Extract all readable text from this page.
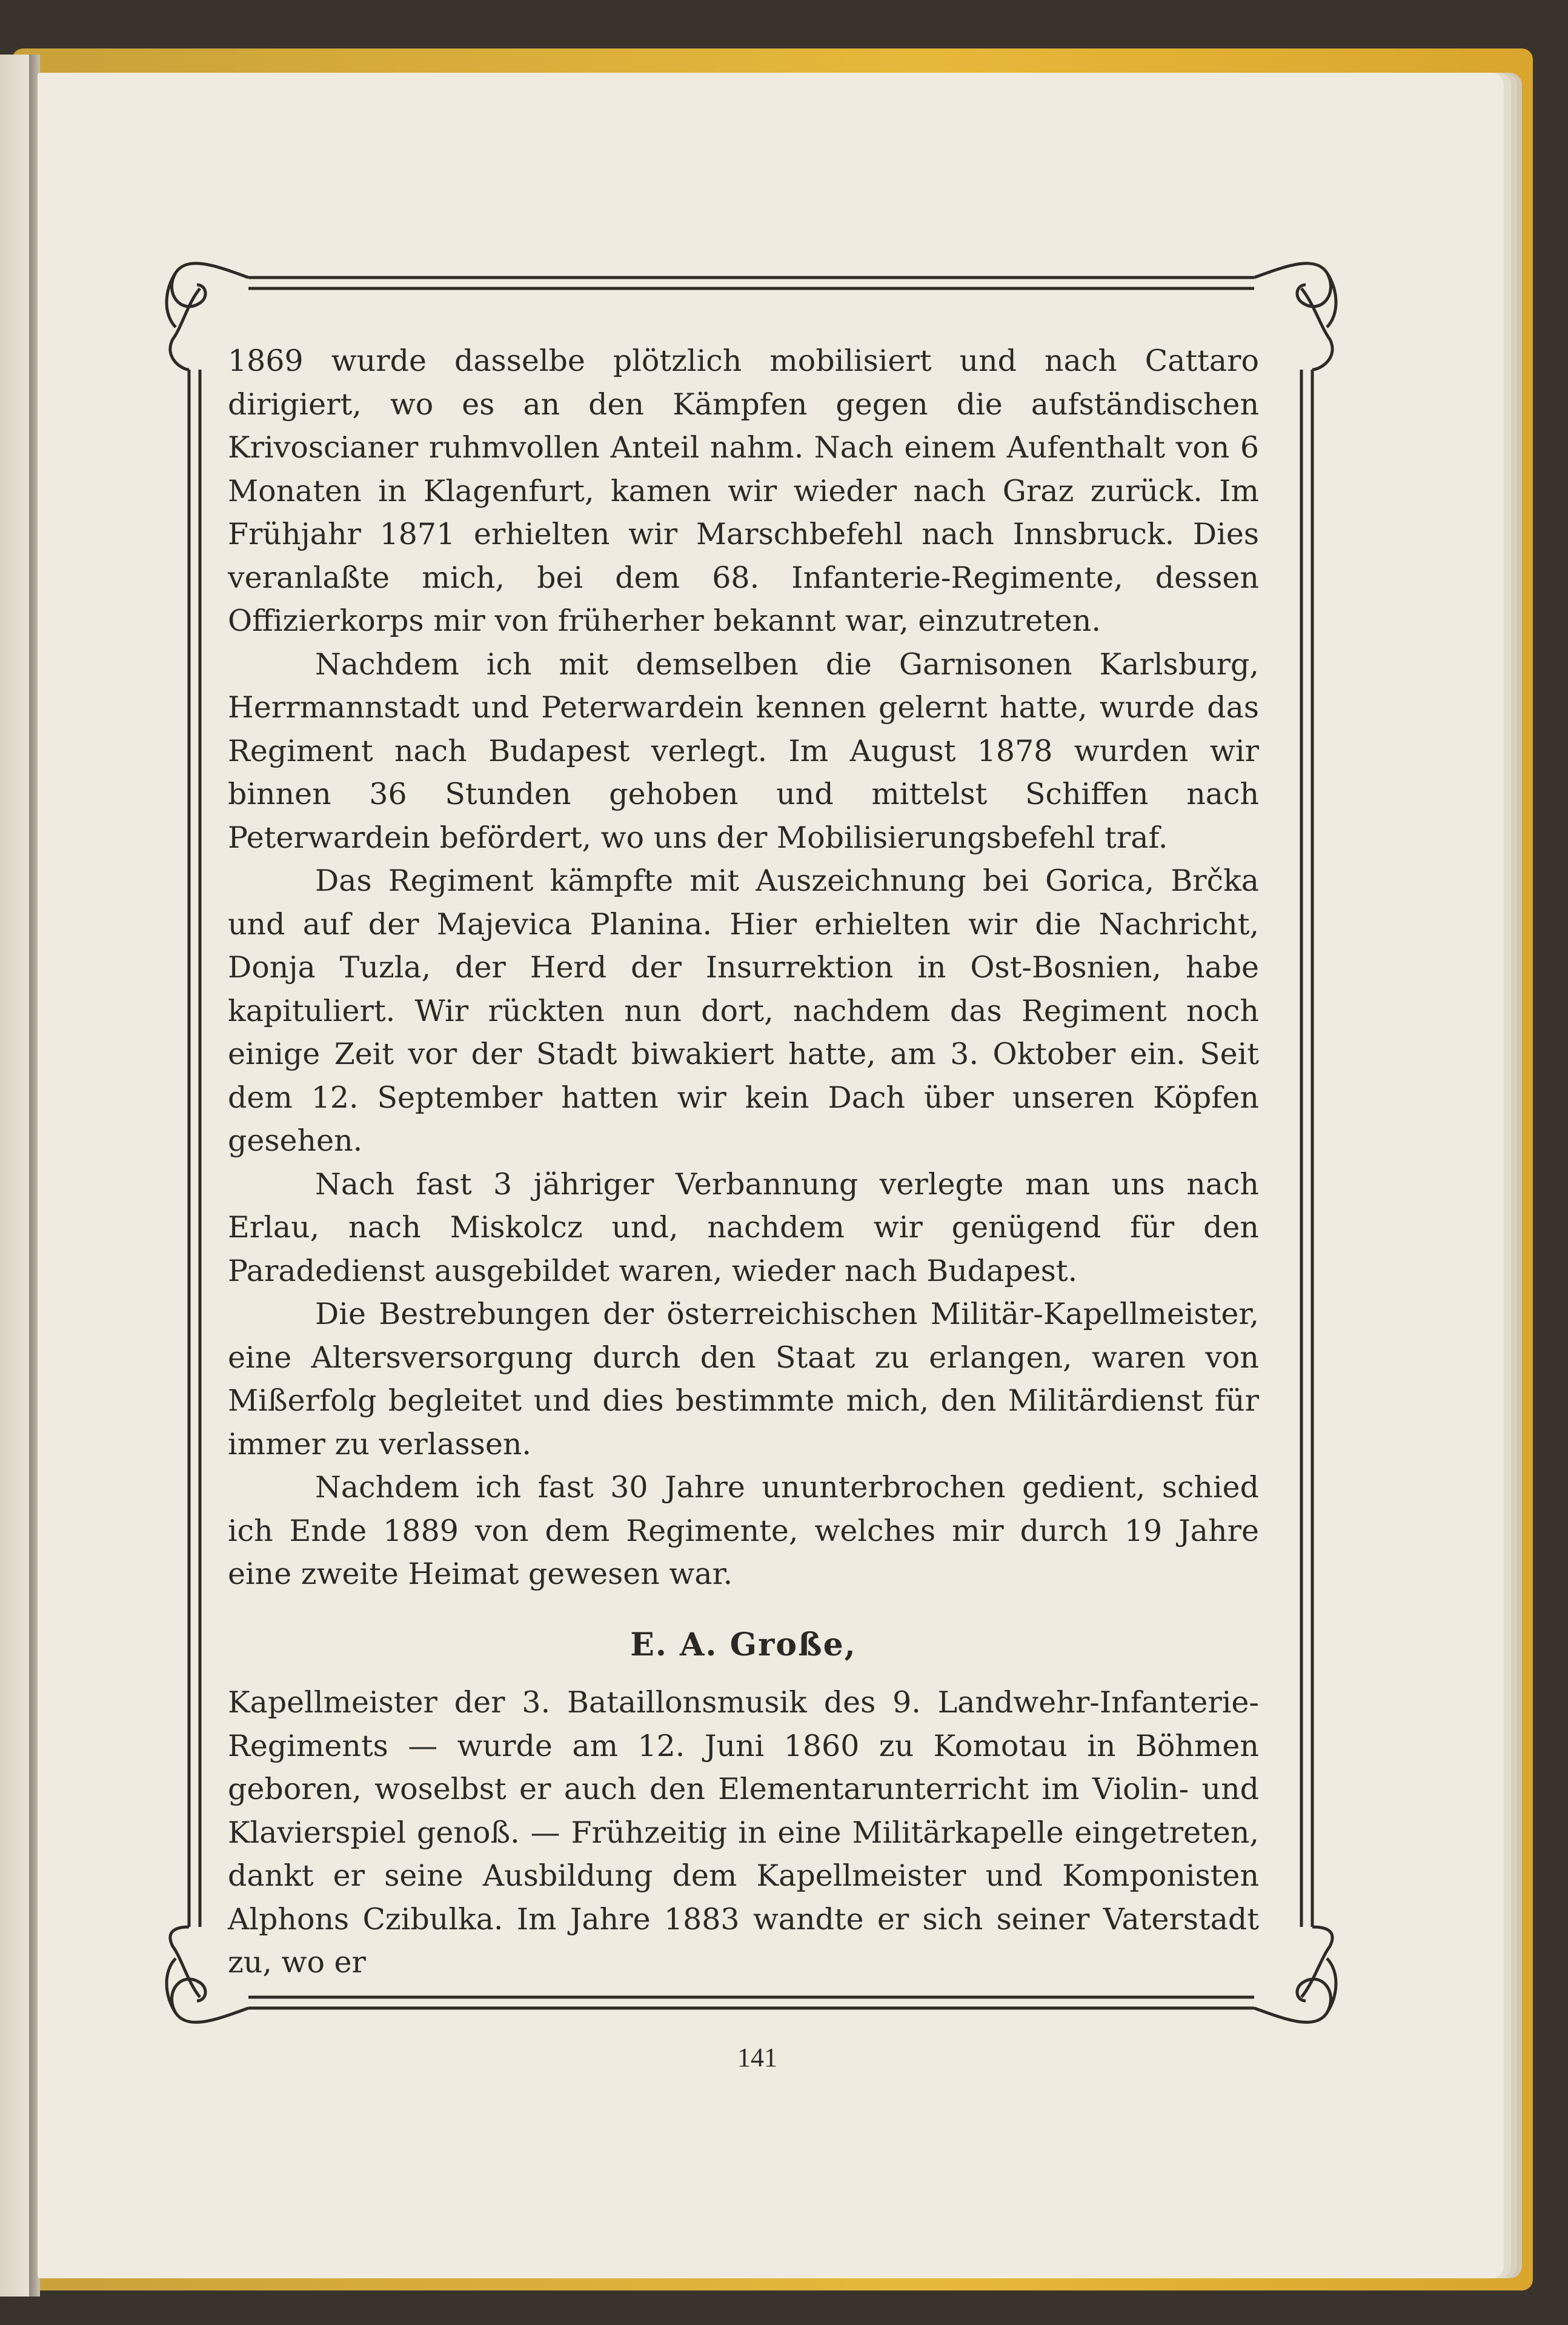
1869 wurde dasselbe plötzlich mobilisiert und nach Cattaro dirigiert, wo es an den Kämpfen gegen die aufständischen Krivoscianer ruhmvollen Anteil nahm. Nach einem Aufenthalt von 6 Monaten in Klagenfurt, kamen wir wieder nach Graz zurück. Im Frühjahr 1871 erhielten wir Marschbefehl nach Innsbruck. Dies veranlaßte mich, bei dem 68. Infanterie-Regimente, dessen Offizierkorps mir von früherher bekannt war, einzutreten.

Nachdem ich mit demselben die Garnisonen Karlsburg, Herrmannstadt und Peterwardein kennen gelernt hatte, wurde das Regiment nach Budapest verlegt. Im August 1878 wurden wir binnen 36 Stunden gehoben und mittelst Schiffen nach Peterwardein befördert, wo uns der Mobilisierungsbefehl traf.

Das Regiment kämpfte mit Auszeichnung bei Gorica, Brčka und auf der Majevica Planina. Hier erhielten wir die Nachricht, Donja Tuzla, der Herd der Insurrektion in Ost-Bosnien, habe kapituliert. Wir rückten nun dort, nachdem das Regiment noch einige Zeit vor der Stadt biwakiert hatte, am 3. Oktober ein. Seit dem 12. September hatten wir kein Dach über unseren Köpfen gesehen.

Nach fast 3 jähriger Verbannung verlegte man uns nach Erlau, nach Miskolcz und, nachdem wir genügend für den Paradedienst ausgebildet waren, wieder nach Budapest.

Die Bestrebungen der österreichischen Militär-Kapellmeister, eine Altersversorgung durch den Staat zu erlangen, waren von Mißerfolg begleitet und dies bestimmte mich, den Militärdienst für immer zu verlassen.

Nachdem ich fast 30 Jahre ununterbrochen gedient, schied ich Ende 1889 von dem Regimente, welches mir durch 19 Jahre eine zweite Heimat gewesen war.

E. A. Große,

Kapellmeister der 3. Bataillonsmusik des 9. Landwehr-Infanterie-Regiments — wurde am 12. Juni 1860 zu Komotau in Böhmen geboren, woselbst er auch den Elementarunterricht im Violin- und Klavierspiel genoß. — Frühzeitig in eine Militärkapelle eingetreten, dankt er seine Ausbildung dem Kapellmeister und Komponisten Alphons Czibulka. Im Jahre 1883 wandte er sich seiner Vaterstadt zu, wo er

141
